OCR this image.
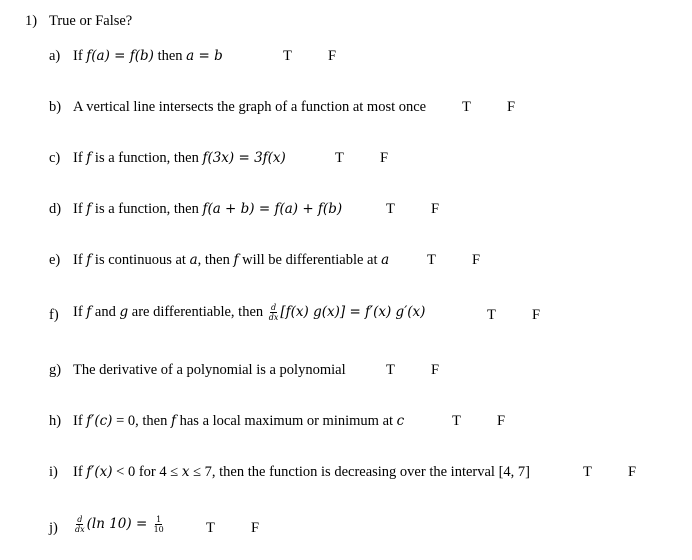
1) True or False?
a) If f(a) = f(b) then a = b	T F
b) A vertical line intersects the graph of a function at most once T F
c) If f is a function, then f(3x) = 3f(x)	T F
d) If f is a function, then f(a + b) = f(a) + f(b)	T F
e) If f is continuous at a, then f will be differentiable at a	T F
f) If f and g are differentiable, then $\frac{d}{dx} [f(x) g(x)] = f'(x)$ g′(x)	T F
g) The derivative of a polynomial is a polynomial	T F
h) If f′(c) = 0, then f has a local maximum or minimum at c	T F
i) If f′(x) < 0 for 4 ≤ x ≤ 7, then the function is decreasing over the interval [4, 7]	T F
$j) \frac{d}{dx} (\ln$ $10) = \frac{1}{10}$	T F
